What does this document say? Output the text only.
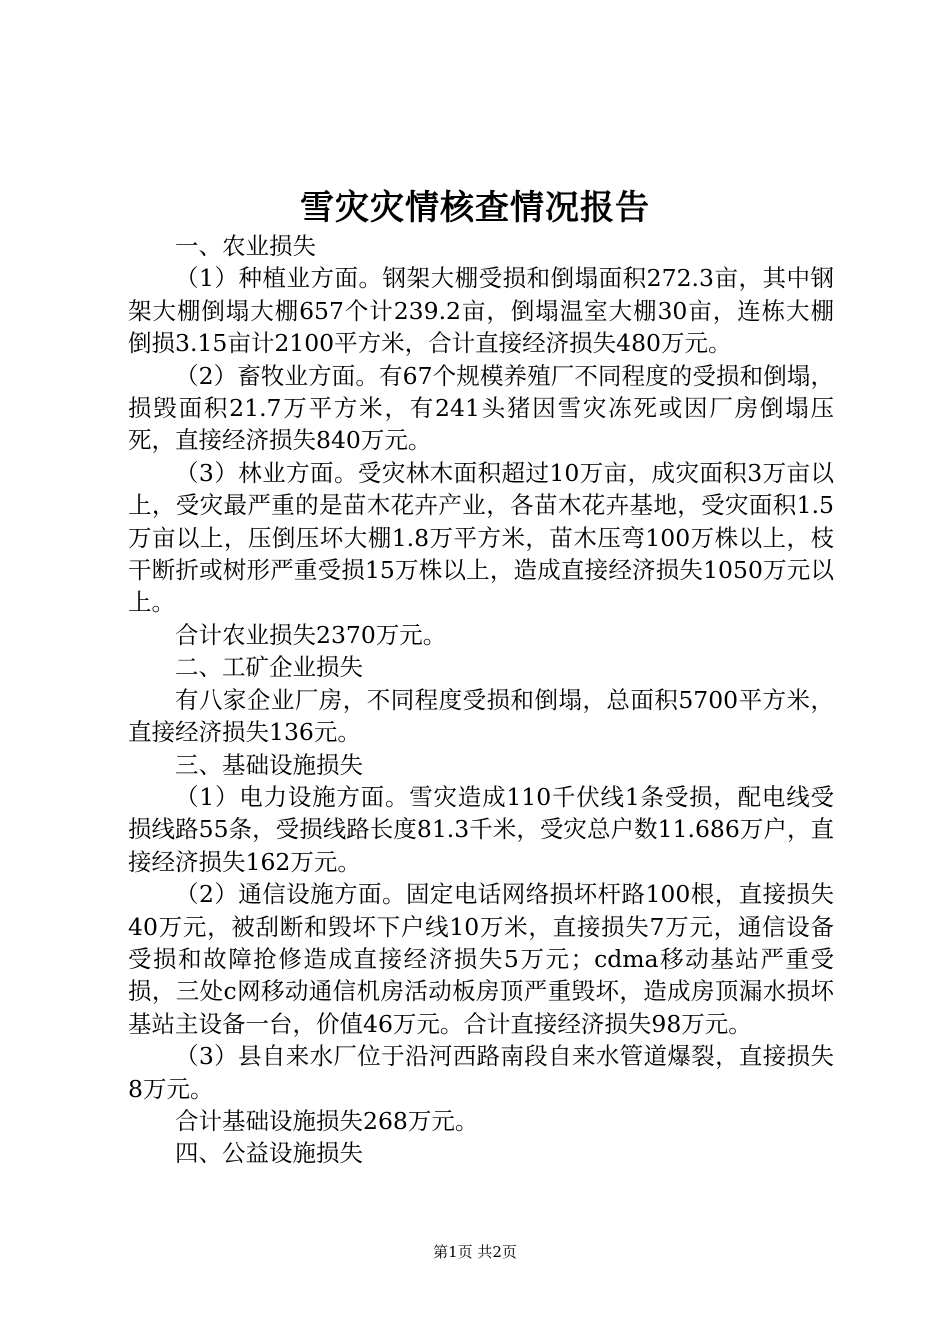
雪灾灾情核查情况报告

一、农业损失

（1）种植业方面。钢架大棚受损和倒塌面积272.3亩，其中钢架大棚倒塌大棚657个计239.2亩，倒塌温室大棚30亩，连栋大棚倒损3.15亩计2100平方米，合计直接经济损失480万元。

（2）畜牧业方面。有67个规模养殖厂不同程度的受损和倒塌，损毁面积21.7万平方米，有241头猪因雪灾冻死或因厂房倒塌压死，直接经济损失840万元。

（3）林业方面。受灾林木面积超过10万亩，成灾面积3万亩以上，受灾最严重的是苗木花卉产业，各苗木花卉基地，受灾面积1.5万亩以上，压倒压坏大棚1.8万平方米，苗木压弯100万株以上，枝干断折或树形严重受损15万株以上，造成直接经济损失1050万元以上。

合计农业损失2370万元。

二、工矿企业损失

有八家企业厂房，不同程度受损和倒塌，总面积5700平方米，直接经济损失136元。

三、基础设施损失

（1）电力设施方面。雪灾造成110千伏线1条受损，配电线受损线路55条，受损线路长度81.3千米，受灾总户数11.686万户，直接经济损失162万元。

（2）通信设施方面。固定电话网络损坏杆路100根，直接损失40万元，被刮断和毁坏下户线10万米，直接损失7万元，通信设备受损和故障抢修造成直接经济损失5万元；cdma移动基站严重受损，三处c网移动通信机房活动板房顶严重毁坏，造成房顶漏水损坏基站主设备一台，价值46万元。合计直接经济损失98万元。

（3）县自来水厂位于沿河西路南段自来水管道爆裂，直接损失8万元。

合计基础设施损失268万元。

四、公益设施损失

第1页 共2页
